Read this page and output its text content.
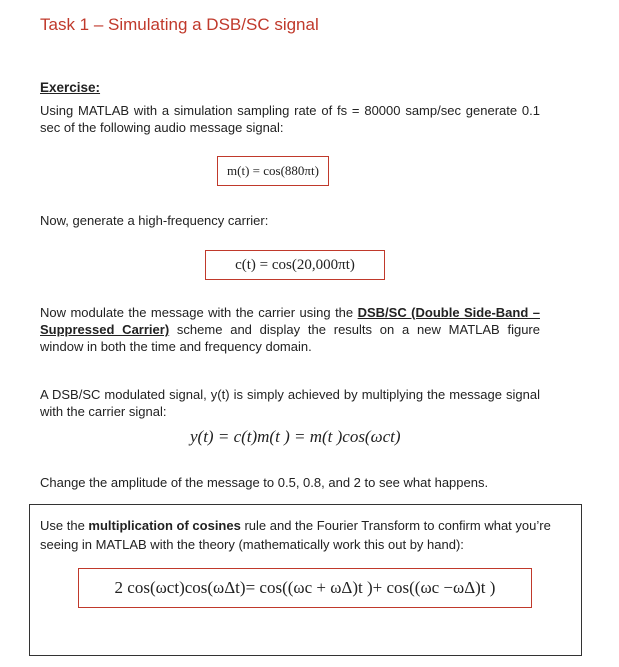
Task 1 – Simulating a DSB/SC signal
Exercise:
Using MATLAB with a simulation sampling rate of fs = 80000 samp/sec generate 0.1 sec of the following audio message signal:
m(t) = cos(880πt)
Now, generate a high-frequency carrier:
c(t) = cos(20,000πt)
Now modulate the message with the carrier using the DSB/SC (Double Side-Band – Suppressed Carrier) scheme and display the results on a new MATLAB figure window in both the time and frequency domain.
A DSB/SC modulated signal, y(t) is simply achieved by multiplying the message signal with the carrier signal:
y(t) = c(t)m(t ) = m(t )cos(ωct)
Change the amplitude of the message to 0.5, 0.8, and 2 to see what happens.
Use the multiplication of cosines rule and the Fourier Transform to confirm what you’re seeing in MATLAB with the theory (mathematically work this out by hand):
2 cos(ωct)cos(ωΔt)= cos((ωc + ωΔ)t )+ cos((ωc −ωΔ)t )
